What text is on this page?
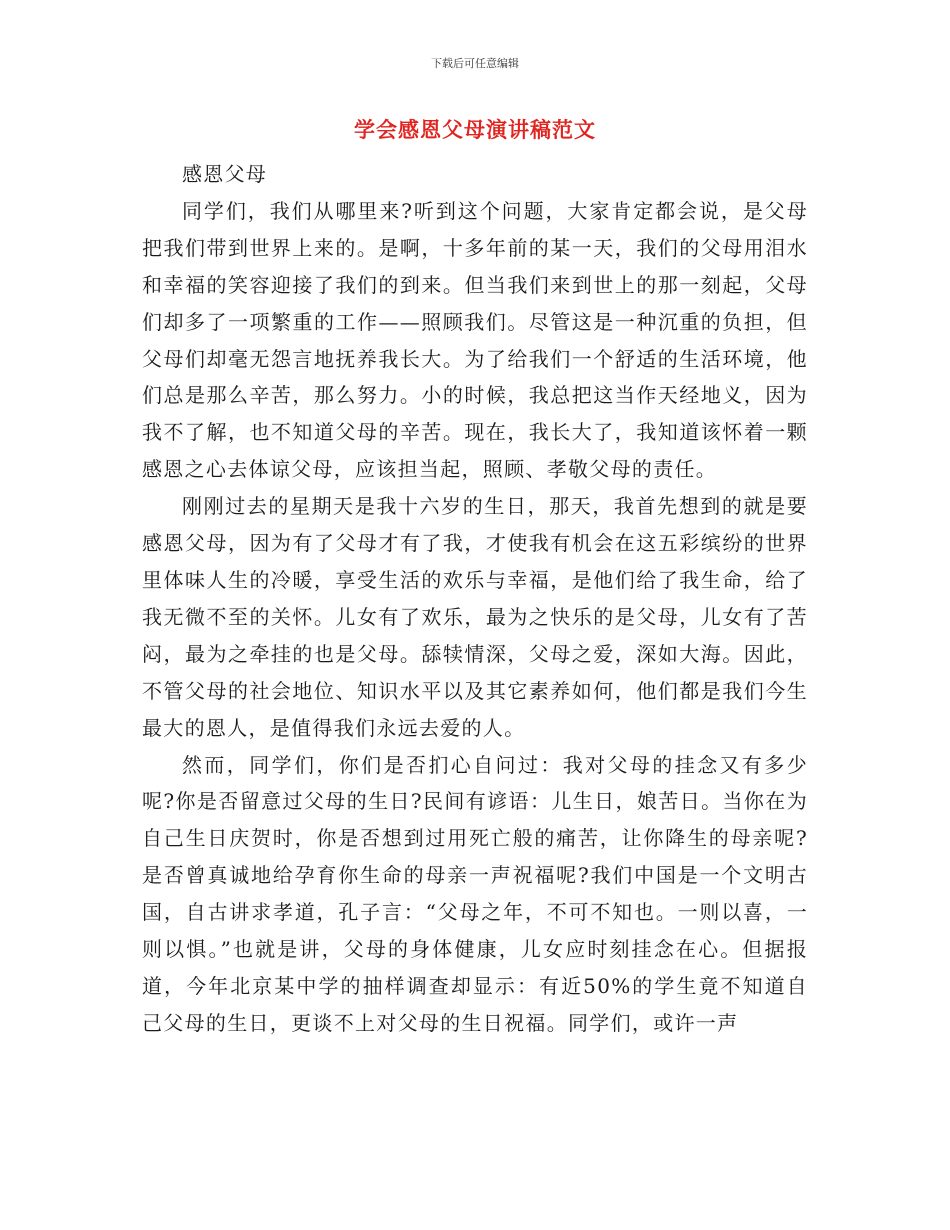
下载后可任意编辑
学会感恩父母演讲稿范文

感恩父母

同学们，我们从哪里来?听到这个问题，大家肯定都会说，是父母把我们带到世界上来的。是啊，十多年前的某一天，我们的父母用泪水和幸福的笑容迎接了我们的到来。但当我们来到世上的那一刻起，父母们却多了一项繁重的工作——照顾我们。尽管这是一种沉重的负担，但父母们却毫无怨言地抚养我长大。为了给我们一个舒适的生活环境，他们总是那么辛苦，那么努力。小的时候，我总把这当作天经地义，因为我不了解，也不知道父母的辛苦。现在，我长大了，我知道该怀着一颗感恩之心去体谅父母，应该担当起，照顾、孝敬父母的责任。

刚刚过去的星期天是我十六岁的生日，那天，我首先想到的就是要感恩父母，因为有了父母才有了我，才使我有机会在这五彩缤纷的世界里体味人生的冷暖，享受生活的欢乐与幸福，是他们给了我生命，给了我无微不至的关怀。儿女有了欢乐，最为之快乐的是父母，儿女有了苦闷，最为之牵挂的也是父母。舔犊情深，父母之爱，深如大海。因此，不管父母的社会地位、知识水平以及其它素养如何，他们都是我们今生最大的恩人，是值得我们永远去爱的人。

然而，同学们，你们是否扪心自问过：我对父母的挂念又有多少呢?你是否留意过父母的生日?民间有谚语：儿生日，娘苦日。当你在为自己生日庆贺时，你是否想到过用死亡般的痛苦，让你降生的母亲呢?是否曾真诚地给孕育你生命的母亲一声祝福呢?我们中国是一个文明古国，自古讲求孝道，孔子言：“父母之年，不可不知也。一则以喜，一则以惧。”也就是讲，父母的身体健康，儿女应时刻挂念在心。但据报道，今年北京某中学的抽样调查却显示：有近50%的学生竟不知道自己父母的生日，更谈不上对父母的生日祝福。同学们，或许一声
